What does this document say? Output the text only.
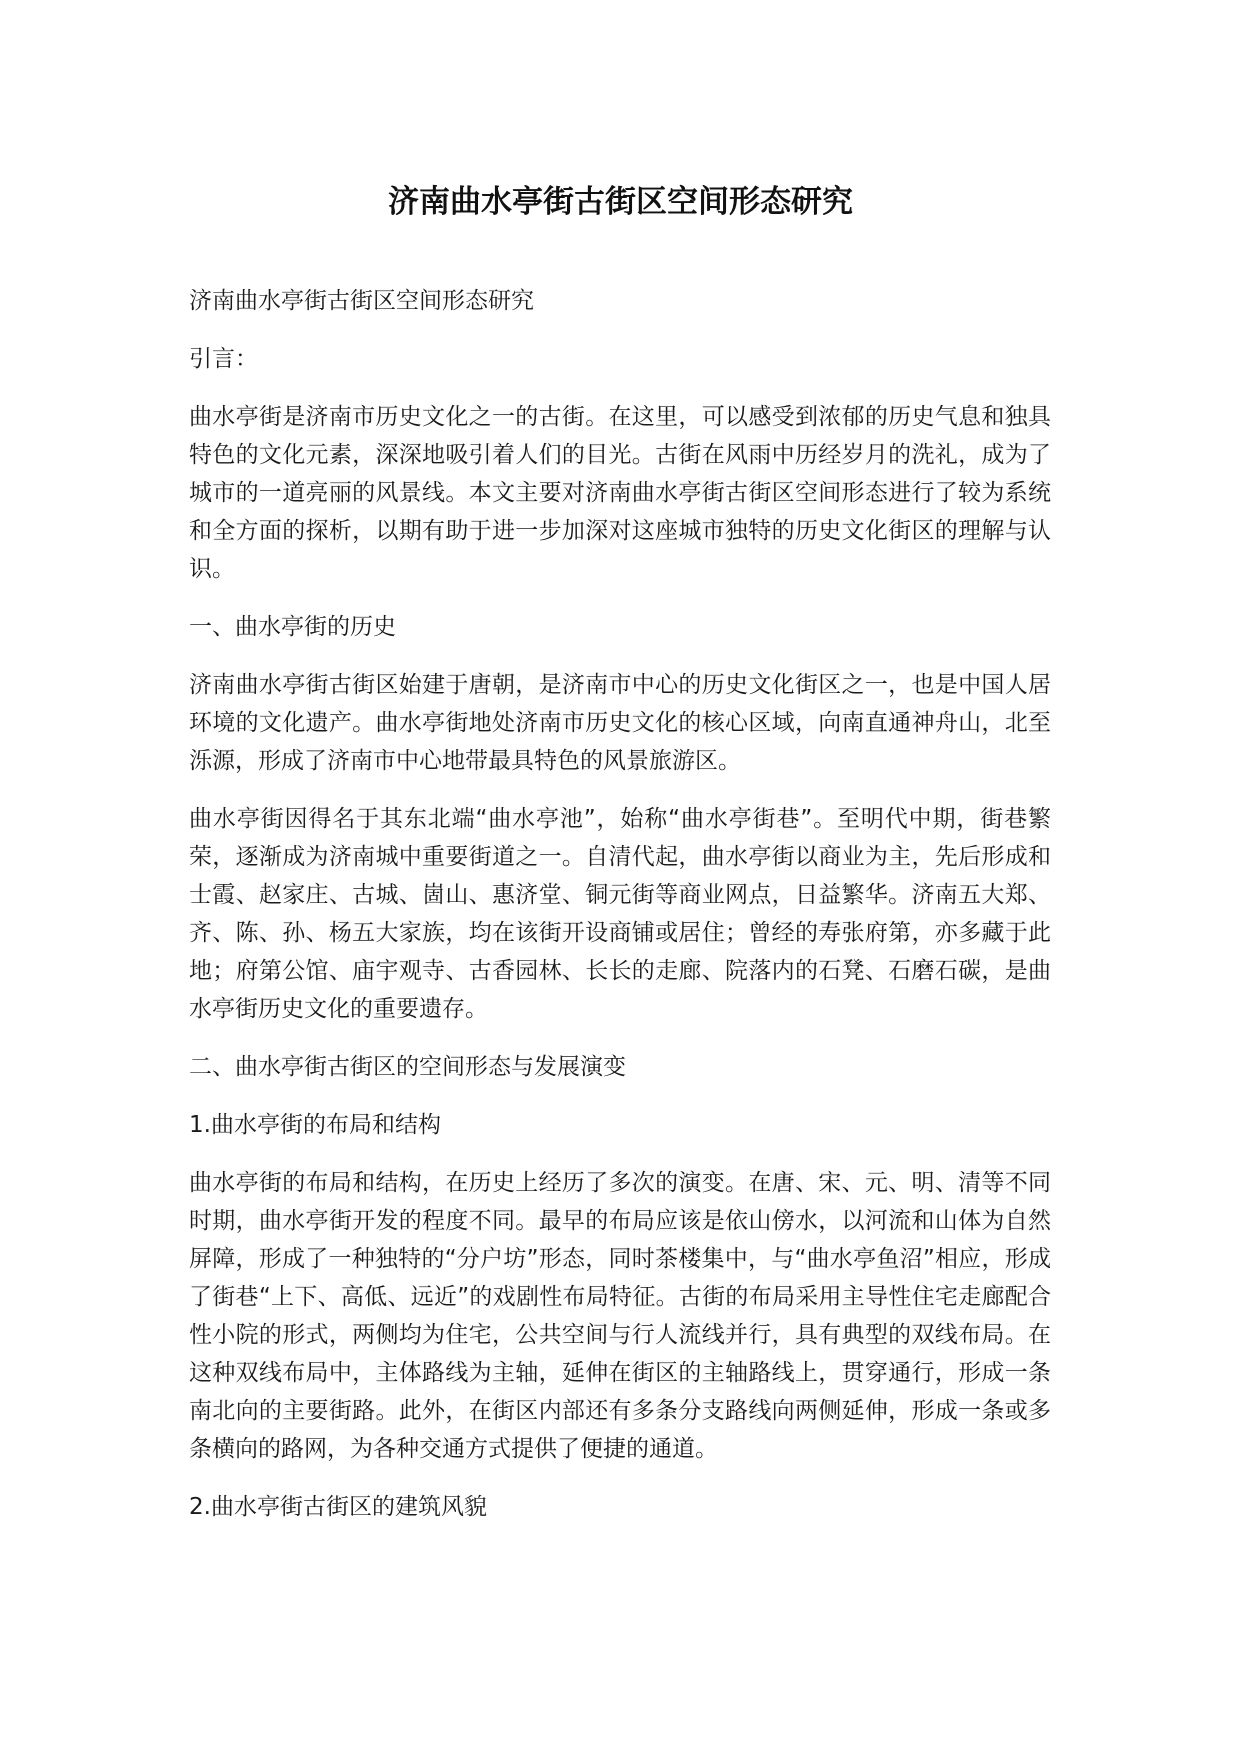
济南曲水亭街古街区空间形态研究

济南曲水亭街古街区空间形态研究

引言：

曲水亭街是济南市历史文化之一的古街。在这里，可以感受到浓郁的历史气息和独具特色的文化元素，深深地吸引着人们的目光。古街在风雨中历经岁月的洗礼，成为了城市的一道亮丽的风景线。本文主要对济南曲水亭街古街区空间形态进行了较为系统和全方面的探析，以期有助于进一步加深对这座城市独特的历史文化街区的理解与认识。

一、曲水亭街的历史

济南曲水亭街古街区始建于唐朝，是济南市中心的历史文化街区之一，也是中国人居环境的文化遗产。曲水亭街地处济南市历史文化的核心区域，向南直通神舟山，北至泺源，形成了济南市中心地带最具特色的风景旅游区。

曲水亭街因得名于其东北端“曲水亭池”，始称“曲水亭街巷”。至明代中期，街巷繁荣，逐渐成为济南城中重要街道之一。自清代起，曲水亭街以商业为主，先后形成和士霞、赵家庄、古城、崮山、惠济堂、铜元街等商业网点，日益繁华。济南五大郑、齐、陈、孙、杨五大家族，均在该街开设商铺或居住；曾经的寿张府第，亦多藏于此地；府第公馆、庙宇观寺、古香园林、长长的走廊、院落内的石凳、石磨石碳，是曲水亭街历史文化的重要遗存。

二、曲水亭街古街区的空间形态与发展演变

1.曲水亭街的布局和结构

曲水亭街的布局和结构，在历史上经历了多次的演变。在唐、宋、元、明、清等不同时期，曲水亭街开发的程度不同。最早的布局应该是依山傍水，以河流和山体为自然屏障，形成了一种独特的“分户坊”形态，同时茶楼集中，与“曲水亭鱼沼”相应，形成了街巷“上下、高低、远近”的戏剧性布局特征。古街的布局采用主导性住宅走廊配合性小院的形式，两侧均为住宅，公共空间与行人流线并行，具有典型的双线布局。在这种双线布局中，主体路线为主轴，延伸在街区的主轴路线上，贯穿通行，形成一条南北向的主要街路。此外，在街区内部还有多条分支路线向两侧延伸，形成一条或多条横向的路网，为各种交通方式提供了便捷的通道。

2.曲水亭街古街区的建筑风貌
